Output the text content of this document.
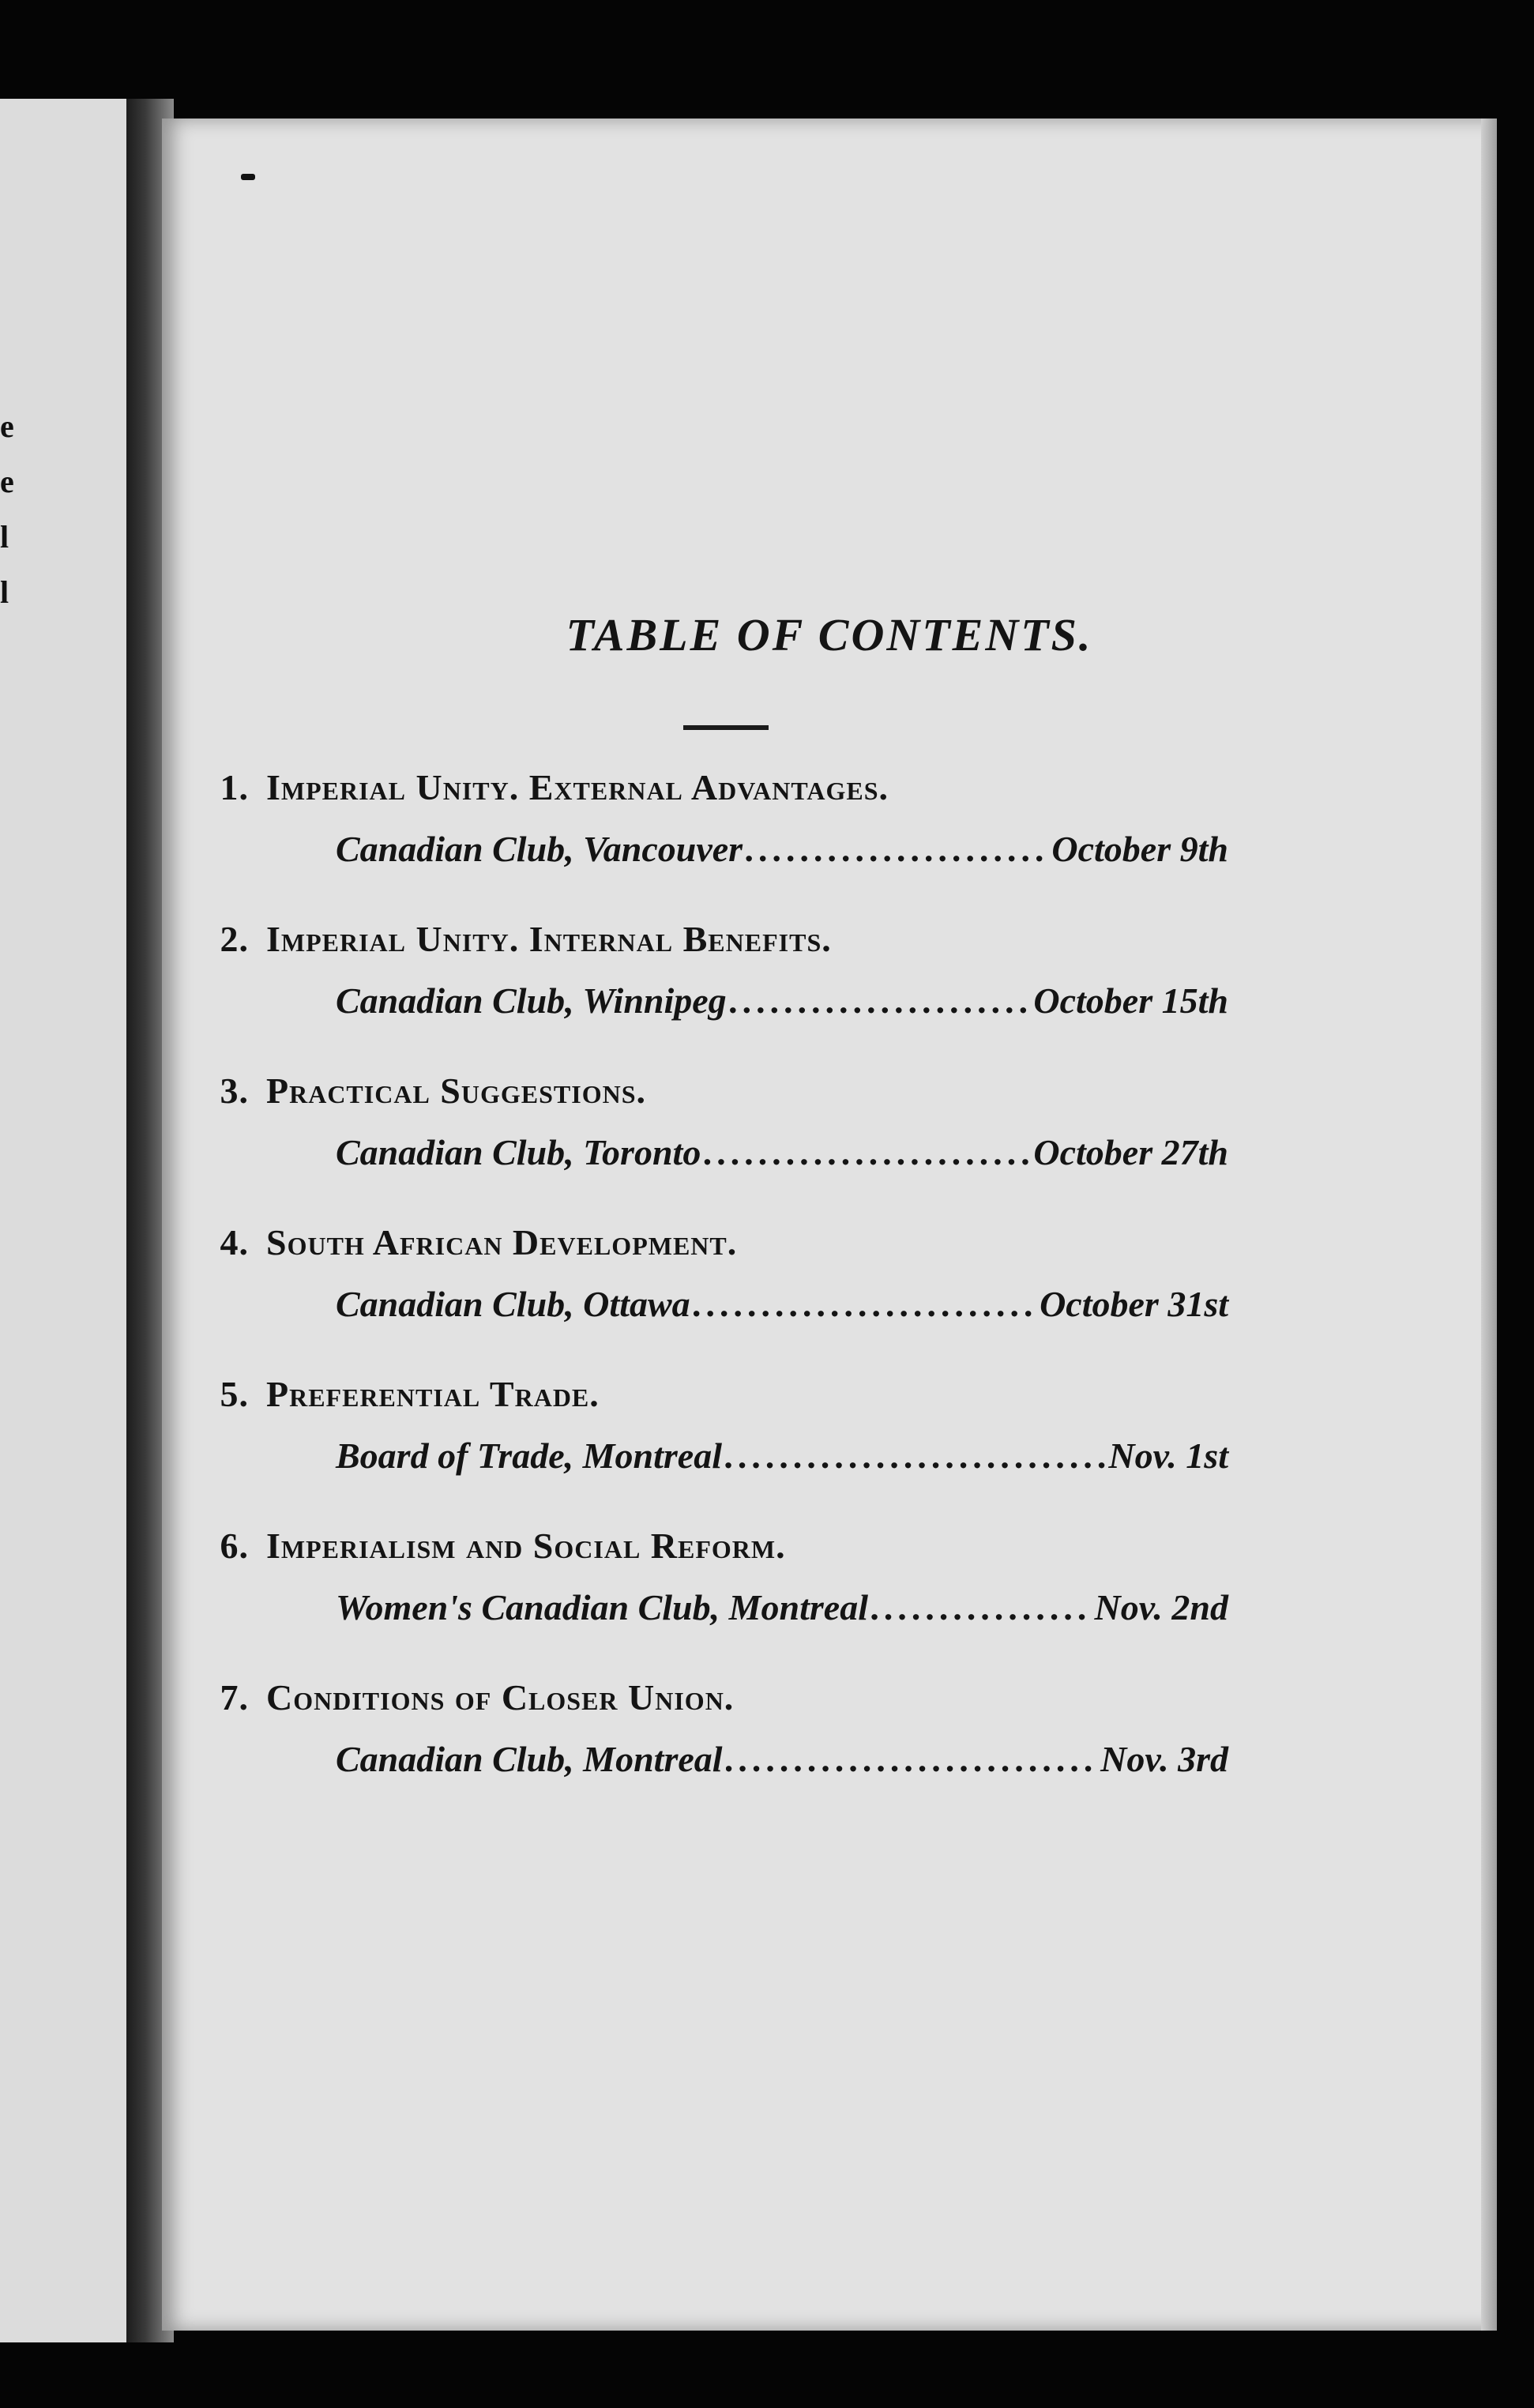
e
e
l
l
TABLE OF CONTENTS.
1. Imperial Unity. External Advantages.
Canadian Club, Vancouver .....	October 9th
2. Imperial Unity. Internal Benefits.
Canadian Club, Winnipeg .....	October 15th
3. Practical Suggestions.
Canadian Club, Toronto .....	October 27th
4. South African Development.
Canadian Club, Ottawa .....	October 31st
5. Preferential Trade.
Board of Trade, Montreal .....	Nov. 1st
6. Imperialism and Social Reform.
Women's Canadian Club, Montreal .....	Nov. 2nd
7. Conditions of Closer Union.
Canadian Club, Montreal .....	Nov. 3rd
